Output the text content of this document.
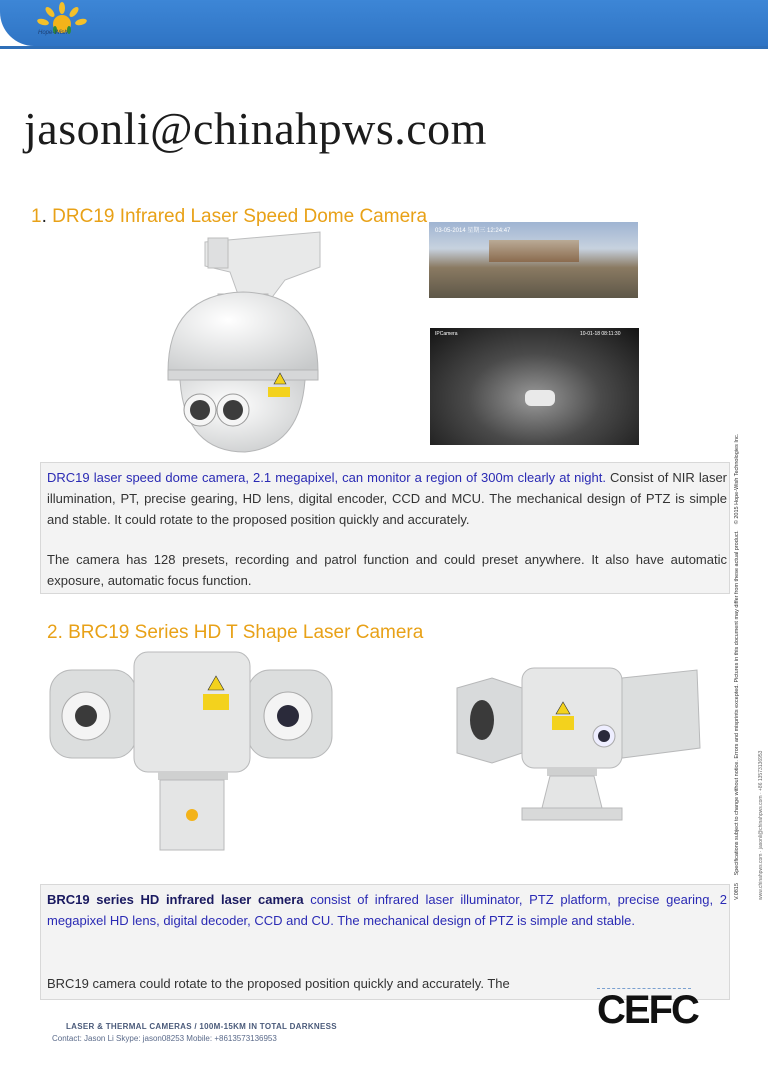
Hope-Wish
jasonli@chinahpws.com
1. DRC19 Infrared Laser Speed Dome Camera
03-05-2014 星期三 12:24:47
IPCamera	10-01-18 08:11:30
DRC19 laser speed dome camera, 2.1 megapixel, can monitor a region of 300m clearly at night. Consist of NIR laser illumination, PT, precise gearing, HD lens, digital encoder, CCD and MCU. The mechanical design of PTZ is simple and stable. It could rotate to the proposed position quickly and accurately.
The camera has 128 presets, recording and patrol function and could preset anywhere. It also have automatic exposure, automatic focus function.
2. BRC19 Series HD T Shape Laser Camera
BRC19 series HD infrared laser camera consist of infrared laser illuminator, PTZ platform, precise gearing, 2 megapixel HD lens, digital decoder, CCD and CU. The mechanical design of PTZ is simple and stable.
BRC19 camera could rotate to the proposed position quickly and accurately. The
CEFC
V.0815     Specifications subject to change without notice. Errors and misprints excepted. Pictures in this document may differ from these actual product.    © 2015 Hope-Wish Technologies Inc.
www.chinahpws.com · jasonli@chinahpws.com · +86 13573136953
LASER & THERMAL CAMERAS / 100M-15KM IN TOTAL DARKNESS
Contact: Jason Li Skype: jason08253 Mobile: +8613573136953
